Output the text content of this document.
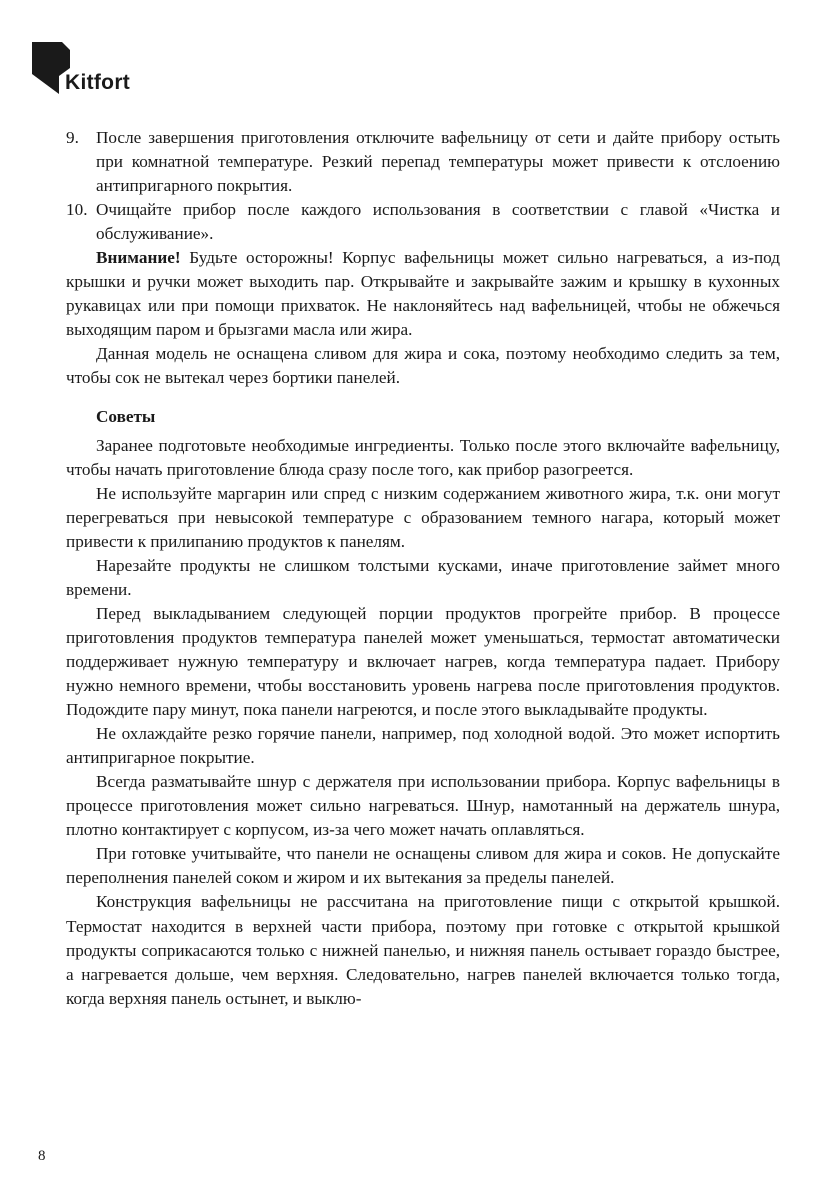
Kitfort
9. После завершения приготовления отключите вафельницу от сети и дайте прибору остыть при комнатной температуре. Резкий перепад температуры может привести к отслоению антипригарного покрытия.
10. Очищайте прибор после каждого использования в соответствии с главой «Чистка и обслуживание».

Внимание! Будьте осторожны! Корпус вафельницы может сильно нагреваться, а из-под крышки и ручки может выходить пар. Открывайте и закрывайте зажим и крышку в кухонных рукавицах или при помощи прихваток. Не наклоняйтесь над вафельницей, чтобы не обжечься выходящим паром и брызгами масла или жира.

Данная модель не оснащена сливом для жира и сока, поэтому необходимо следить за тем, чтобы сок не вытекал через бортики панелей.

Советы

Заранее подготовьте необходимые ингредиенты. Только после этого включайте вафельницу, чтобы начать приготовление блюда сразу после того, как прибор разогреется.

Не используйте маргарин или спред с низким содержанием животного жира, т.к. они могут перегреваться при невысокой температуре с образованием темного нагара, который может привести к прилипанию продуктов к панелям.

Нарезайте продукты не слишком толстыми кусками, иначе приготовление займет много времени.

Перед выкладыванием следующей порции продуктов прогрейте прибор. В процессе приготовления продуктов температура панелей может уменьшаться, термостат автоматически поддерживает нужную температуру и включает нагрев, когда температура падает. Прибору нужно немного времени, чтобы восстановить уровень нагрева после приготовления продуктов. Подождите пару минут, пока панели нагреются, и после этого выкладывайте продукты.

Не охлаждайте резко горячие панели, например, под холодной водой. Это может испортить антипригарное покрытие.

Всегда разматывайте шнур с держателя при использовании прибора. Корпус вафельницы в процессе приготовления может сильно нагреваться. Шнур, намотанный на держатель шнура, плотно контактирует с корпусом, из-за чего может начать оплавляться.

При готовке учитывайте, что панели не оснащены сливом для жира и соков. Не допускайте переполнения панелей соком и жиром и их вытекания за пределы панелей.

Конструкция вафельницы не рассчитана на приготовление пищи с открытой крышкой. Термостат находится в верхней части прибора, поэтому при готовке с открытой крышкой продукты соприкасаются только с нижней панелью, и нижняя панель остывает гораздо быстрее, а нагревается дольше, чем верхняя. Следовательно, нагрев панелей включается только тогда, когда верхняя панель остынет, и выклю-

8
